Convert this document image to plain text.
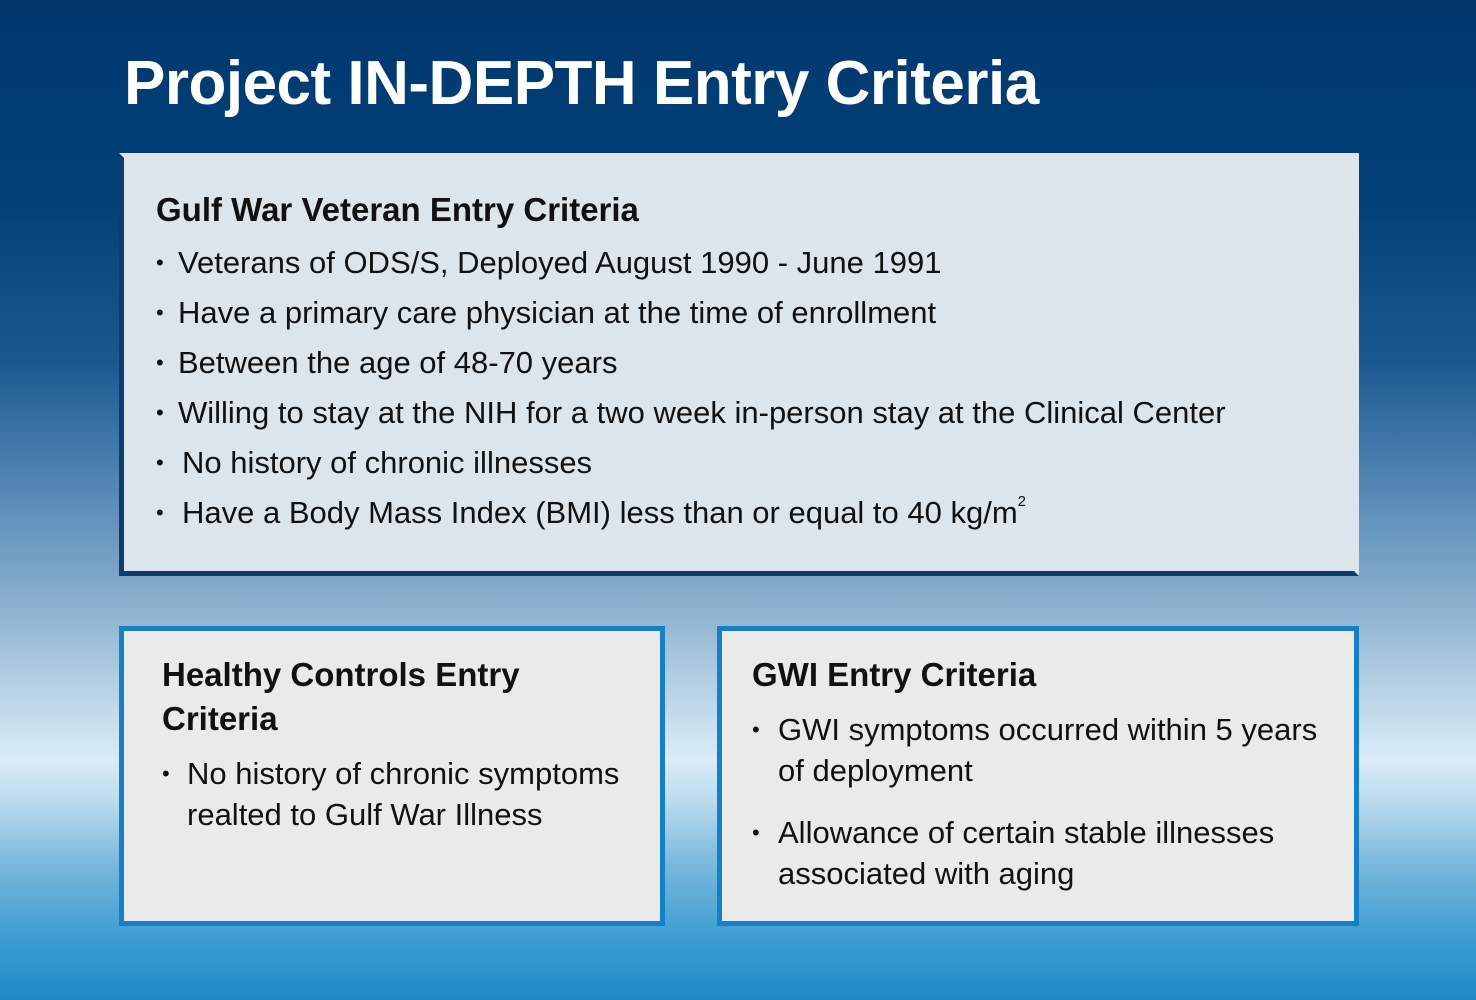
Project IN-DEPTH Entry Criteria
Gulf War Veteran Entry Criteria
• Veterans of ODS/S, Deployed August 1990 - June 1991
• Have a primary care physician at the time of enrollment
• Between the age of 48-70 years
• Willing to stay at the NIH for a two week in-person stay at the Clinical Center
• No history of chronic illnesses
• Have a Body Mass Index (BMI) less than or equal to 40 $kg/m^2$
Healthy Controls Entry Criteria
• No history of chronic symptoms realted to Gulf War Illness
GWI Entry Criteria
• GWI symptoms occurred within 5 years of deployment
• Allowance of certain stable illnesses associated with aging
